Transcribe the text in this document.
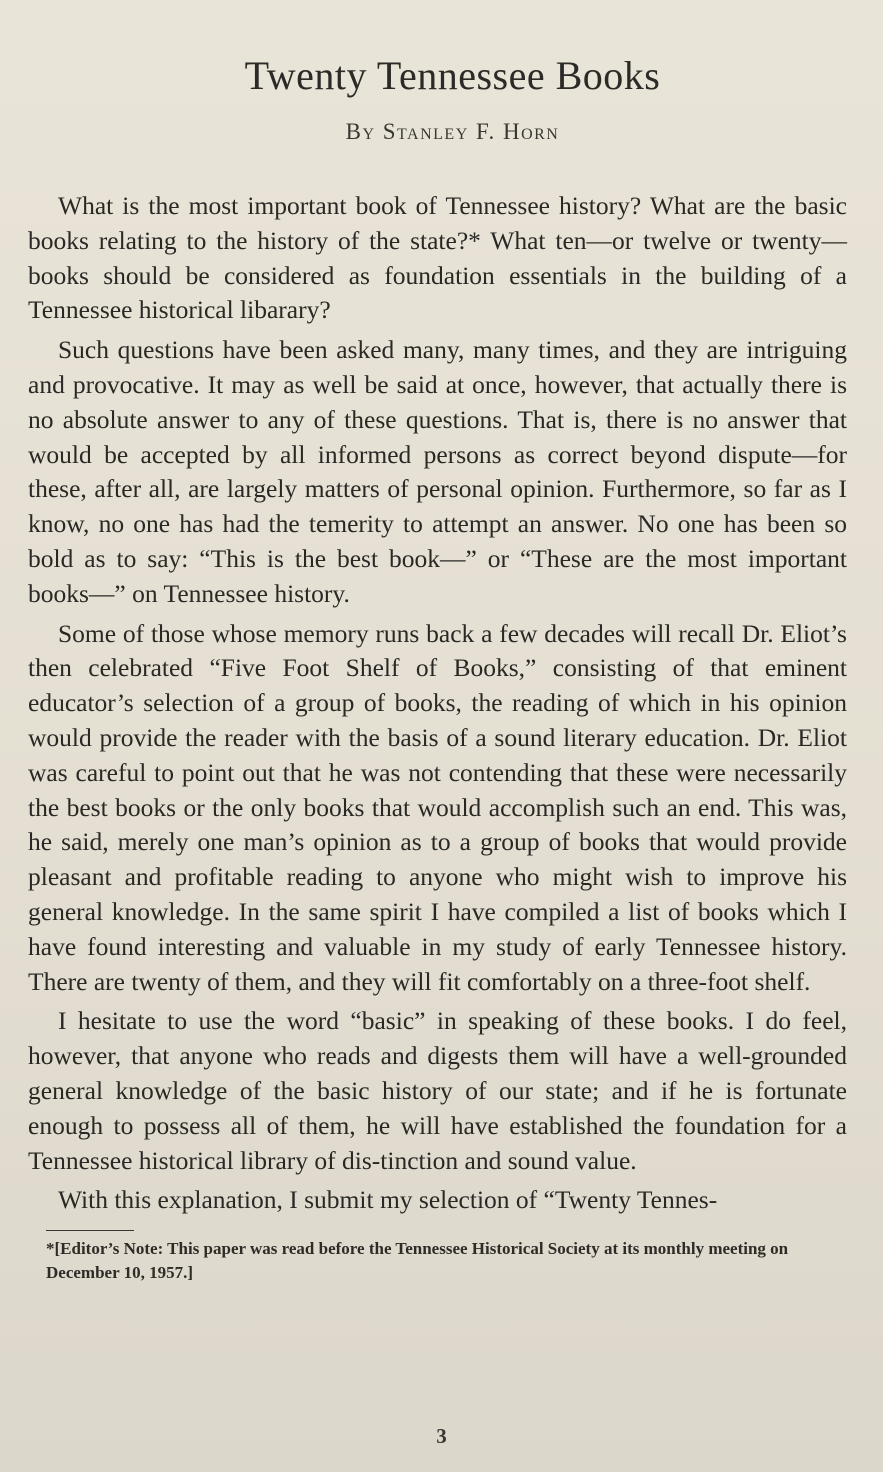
Twenty Tennessee Books
By Stanley F. Horn

What is the most important book of Tennessee history? What are the basic books relating to the history of the state?* What ten—or twelve or twenty—books should be considered as foundation essentials in the building of a Tennessee historical libarary?

Such questions have been asked many, many times, and they are intriguing and provocative. It may as well be said at once, however, that actually there is no absolute answer to any of these questions. That is, there is no answer that would be accepted by all informed persons as correct beyond dispute—for these, after all, are largely matters of personal opinion. Furthermore, so far as I know, no one has had the temerity to attempt an answer. No one has been so bold as to say: “This is the best book—” or “These are the most important books—” on Tennessee history.

Some of those whose memory runs back a few decades will recall Dr. Eliot’s then celebrated “Five Foot Shelf of Books,” consisting of that eminent educator’s selection of a group of books, the reading of which in his opinion would provide the reader with the basis of a sound literary education. Dr. Eliot was careful to point out that he was not contending that these were necessarily the best books or the only books that would accomplish such an end. This was, he said, merely one man’s opinion as to a group of books that would provide pleasant and profitable reading to anyone who might wish to improve his general knowledge. In the same spirit I have compiled a list of books which I have found interesting and valuable in my study of early Tennessee history. There are twenty of them, and they will fit comfortably on a three-foot shelf.

I hesitate to use the word “basic” in speaking of these books. I do feel, however, that anyone who reads and digests them will have a well-grounded general knowledge of the basic history of our state; and if he is fortunate enough to possess all of them, he will have established the foundation for a Tennessee historical library of dis-tinction and sound value.

With this explanation, I submit my selection of “Twenty Tennes-

*[Editor’s Note: This paper was read before the Tennessee Historical Society at its monthly meeting on December 10, 1957.]
3
